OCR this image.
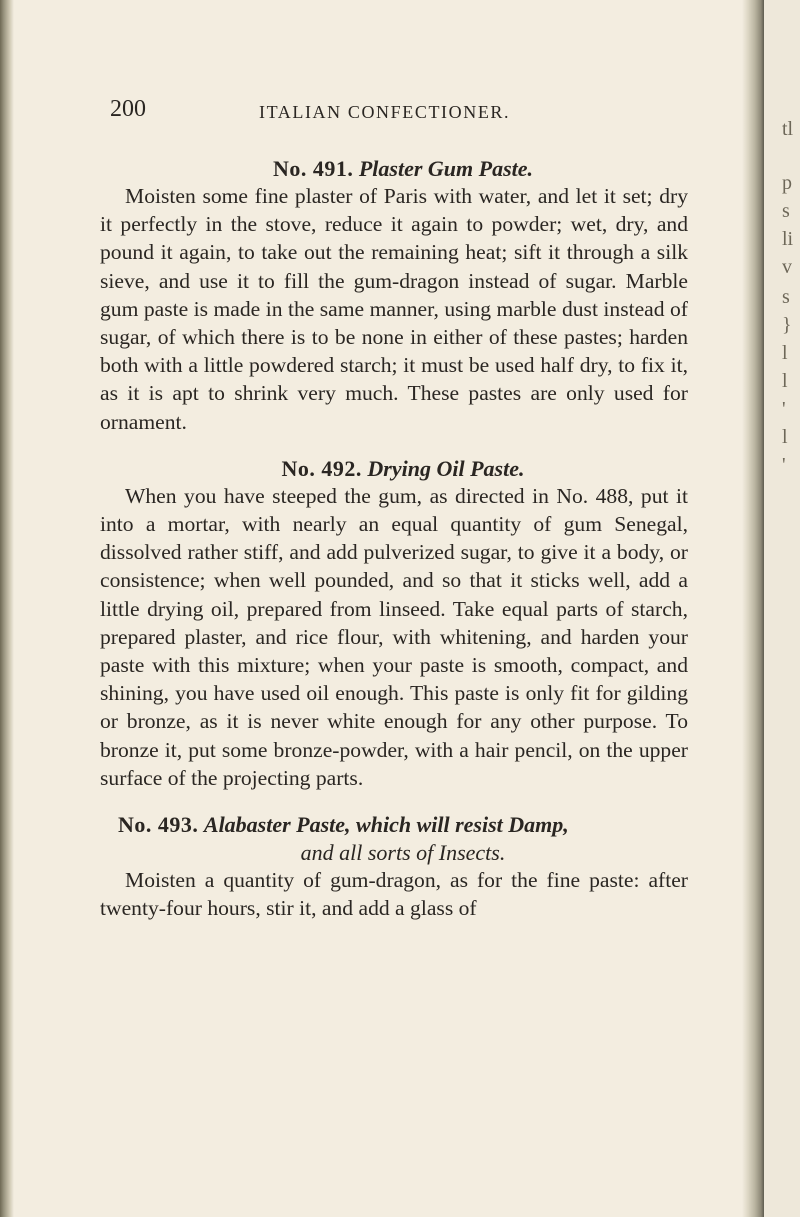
200	ITALIAN CONFECTIONER.
No. 491. Plaster Gum Paste.

Moisten some fine plaster of Paris with water, and let it set; dry it perfectly in the stove, reduce it again to powder; wet, dry, and pound it again, to take out the remaining heat; sift it through a silk sieve, and use it to fill the gum-dragon instead of sugar. Marble gum paste is made in the same manner, using marble dust instead of sugar, of which there is to be none in either of these pastes; harden both with a little powdered starch; it must be used half dry, to fix it, as it is apt to shrink very much. These pastes are only used for ornament.

No. 492. Drying Oil Paste.

When you have steeped the gum, as directed in No. 488, put it into a mortar, with nearly an equal quantity of gum Senegal, dissolved rather stiff, and add pulverized sugar, to give it a body, or consistence; when well pounded, and so that it sticks well, add a little drying oil, prepared from linseed. Take equal parts of starch, prepared plaster, and rice flour, with whitening, and harden your paste with this mixture; when your paste is smooth, compact, and shining, you have used oil enough. This paste is only fit for gilding or bronze, as it is never white enough for any other purpose. To bronze it, put some bronze-powder, with a hair pencil, on the upper surface of the projecting parts.

No. 493. Alabaster Paste, which will resist Damp,
and all sorts of Insects.

Moisten a quantity of gum-dragon, as for the fine paste: after twenty-four hours, stir it, and add a glass of

tl
p
s
li
v
s
}
l
l
'
l
'
